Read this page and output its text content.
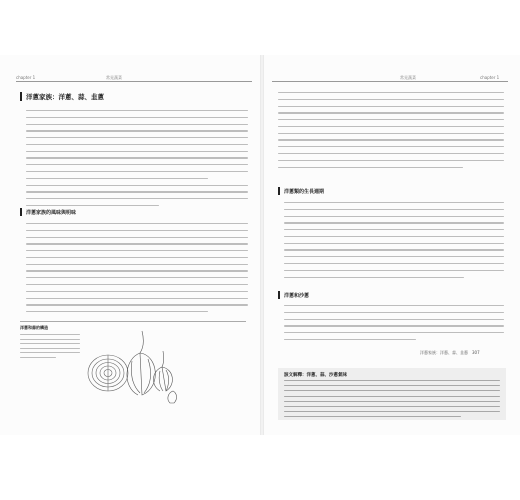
chapter 1	常見蔬菜
洋蔥家族：洋蔥、蒜、韭蔥
洋蔥家族的風味與明味
洋蔥和蒜的構造
常見蔬菜	chapter 1
洋蔥類的生長週期
洋蔥和沙蔥
洋蔥家族：洋蔥、蒜、韭蔥　307
該文解釋：洋蔥、蒜、沙蔥氣味
